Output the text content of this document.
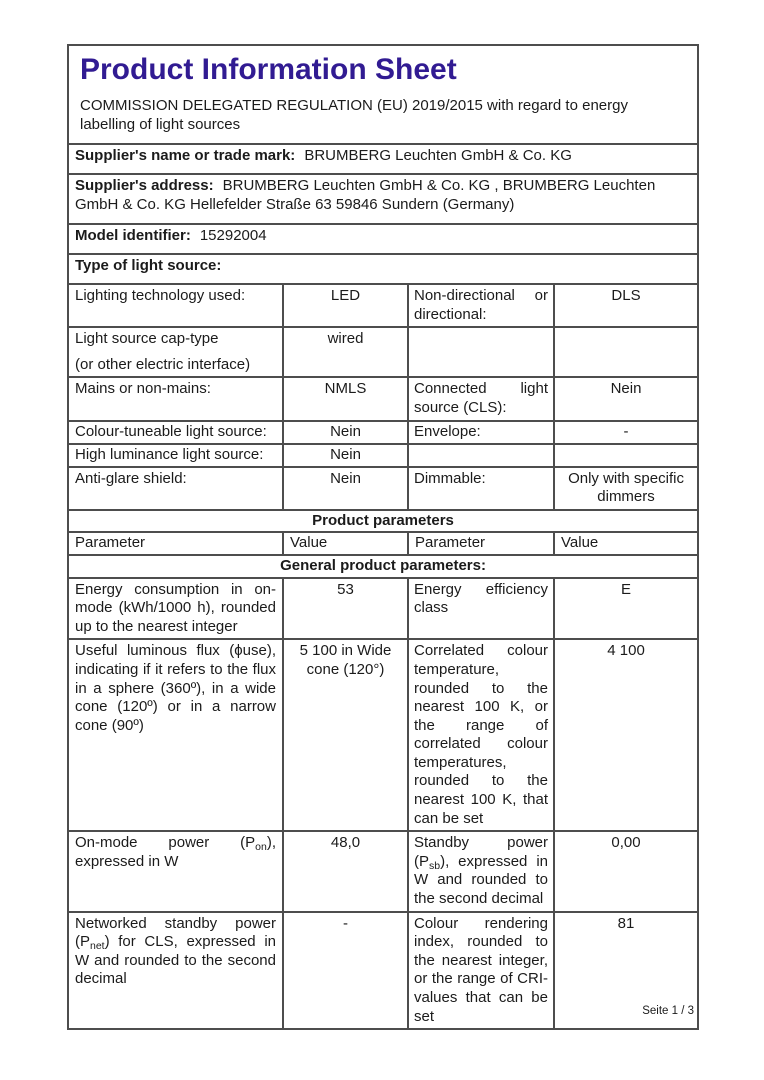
Product Information Sheet
COMMISSION DELEGATED REGULATION (EU) 2019/2015 with regard to energy labelling of light sources

Supplier's name or trade mark: BRUMBERG Leuchten GmbH & Co. KG			
Supplier's address: BRUMBERG Leuchten GmbH & Co. KG , BRUMBERG Leuchten GmbH & Co. KG Hellefelder Straße 63 59846 Sundern (Germany)			
Model identifier: 15292004			
Type of light source:			
Lighting technology used:	LED	Non-directional or directional:	DLS

Light source cap-type
(or other electric interface)	wired		
Mains or non-mains:	NMLS	Connected light source (CLS):	Nein
Colour-tuneable light source:	Nein	Envelope:	-
High luminance light source:	Nein		
Anti-glare shield:	Nein	Dimmable:	Only with specific dimmers
Product parameters			
Parameter	Value	Parameter	Value
General product parameters:			
Energy consumption in on-mode (kWh/1000 h), rounded up to the nearest integer	53	Energy efficiency class	E
Useful luminous flux (ϕuse), indicating if it refers to the flux in a sphere (360º), in a wide cone (120º) or in a narrow cone (90º)	5 100 in Wide cone (120°)	Correlated colour temperature, rounded to the nearest 100 K, or the range of correlated colour temperatures, rounded to the nearest 100 K, that can be set	4 100
On-mode power $(P_{on})$, expressed in W	48,0	Standby power $(P_{sb})$, expressed in W and rounded to the second decimal	0,00
Networked standby power $(P_{net})$ for CLS, expressed in W and rounded to the second decimal	-	Colour rendering index, rounded to the nearest integer, or the range of CRI-values that can be set	81
Seite 1 / 3
